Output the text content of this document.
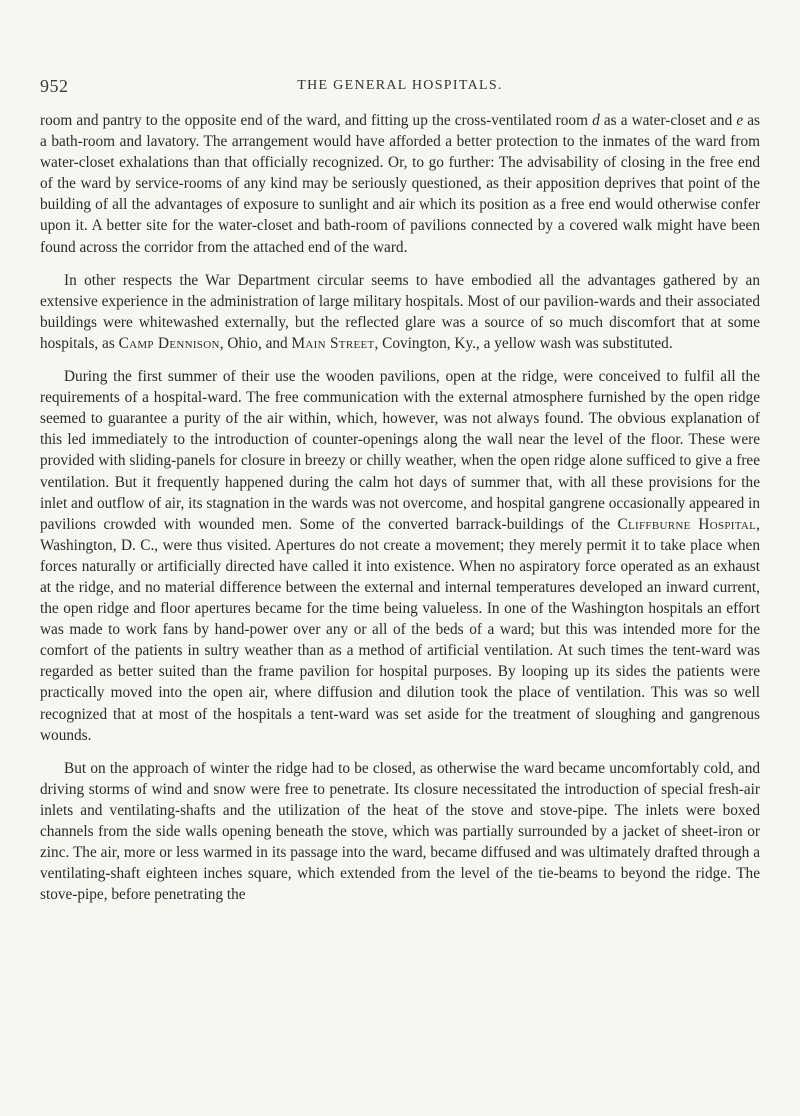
952	THE GENERAL HOSPITALS.

room and pantry to the opposite end of the ward, and fitting up the cross-ventilated room d as a water-closet and e as a bath-room and lavatory. The arrangement would have afforded a better protection to the inmates of the ward from water-closet exhalations than that officially recognized. Or, to go further: The advisability of closing in the free end of the ward by service-rooms of any kind may be seriously questioned, as their apposition deprives that point of the building of all the advantages of exposure to sunlight and air which its position as a free end would otherwise confer upon it. A better site for the water-closet and bath-room of pavilions connected by a covered walk might have been found across the corridor from the attached end of the ward.

In other respects the War Department circular seems to have embodied all the advantages gathered by an extensive experience in the administration of large military hospitals. Most of our pavilion-wards and their associated buildings were whitewashed externally, but the reflected glare was a source of so much discomfort that at some hospitals, as Camp Dennison, Ohio, and Main Street, Covington, Ky., a yellow wash was substituted.

During the first summer of their use the wooden pavilions, open at the ridge, were conceived to fulfil all the requirements of a hospital-ward. The free communication with the external atmosphere furnished by the open ridge seemed to guarantee a purity of the air within, which, however, was not always found. The obvious explanation of this led immediately to the introduction of counter-openings along the wall near the level of the floor. These were provided with sliding-panels for closure in breezy or chilly weather, when the open ridge alone sufficed to give a free ventilation. But it frequently happened during the calm hot days of summer that, with all these provisions for the inlet and outflow of air, its stagnation in the wards was not overcome, and hospital gangrene occasionally appeared in pavilions crowded with wounded men. Some of the converted barrack-buildings of the Cliffburne Hospital, Washington, D. C., were thus visited. Apertures do not create a movement; they merely permit it to take place when forces naturally or artificially directed have called it into existence. When no aspiratory force operated as an exhaust at the ridge, and no material difference between the external and internal temperatures developed an inward current, the open ridge and floor apertures became for the time being valueless. In one of the Washington hospitals an effort was made to work fans by hand-power over any or all of the beds of a ward; but this was intended more for the comfort of the patients in sultry weather than as a method of artificial ventilation. At such times the tent-ward was regarded as better suited than the frame pavilion for hospital purposes. By looping up its sides the patients were practically moved into the open air, where diffusion and dilution took the place of ventilation. This was so well recognized that at most of the hospitals a tent-ward was set aside for the treatment of sloughing and gangrenous wounds.

But on the approach of winter the ridge had to be closed, as otherwise the ward became uncomfortably cold, and driving storms of wind and snow were free to penetrate. Its closure necessitated the introduction of special fresh-air inlets and ventilating-shafts and the utilization of the heat of the stove and stove-pipe. The inlets were boxed channels from the side walls opening beneath the stove, which was partially surrounded by a jacket of sheet-iron or zinc. The air, more or less warmed in its passage into the ward, became diffused and was ultimately drafted through a ventilating-shaft eighteen inches square, which extended from the level of the tie-beams to beyond the ridge. The stove-pipe, before penetrating the
